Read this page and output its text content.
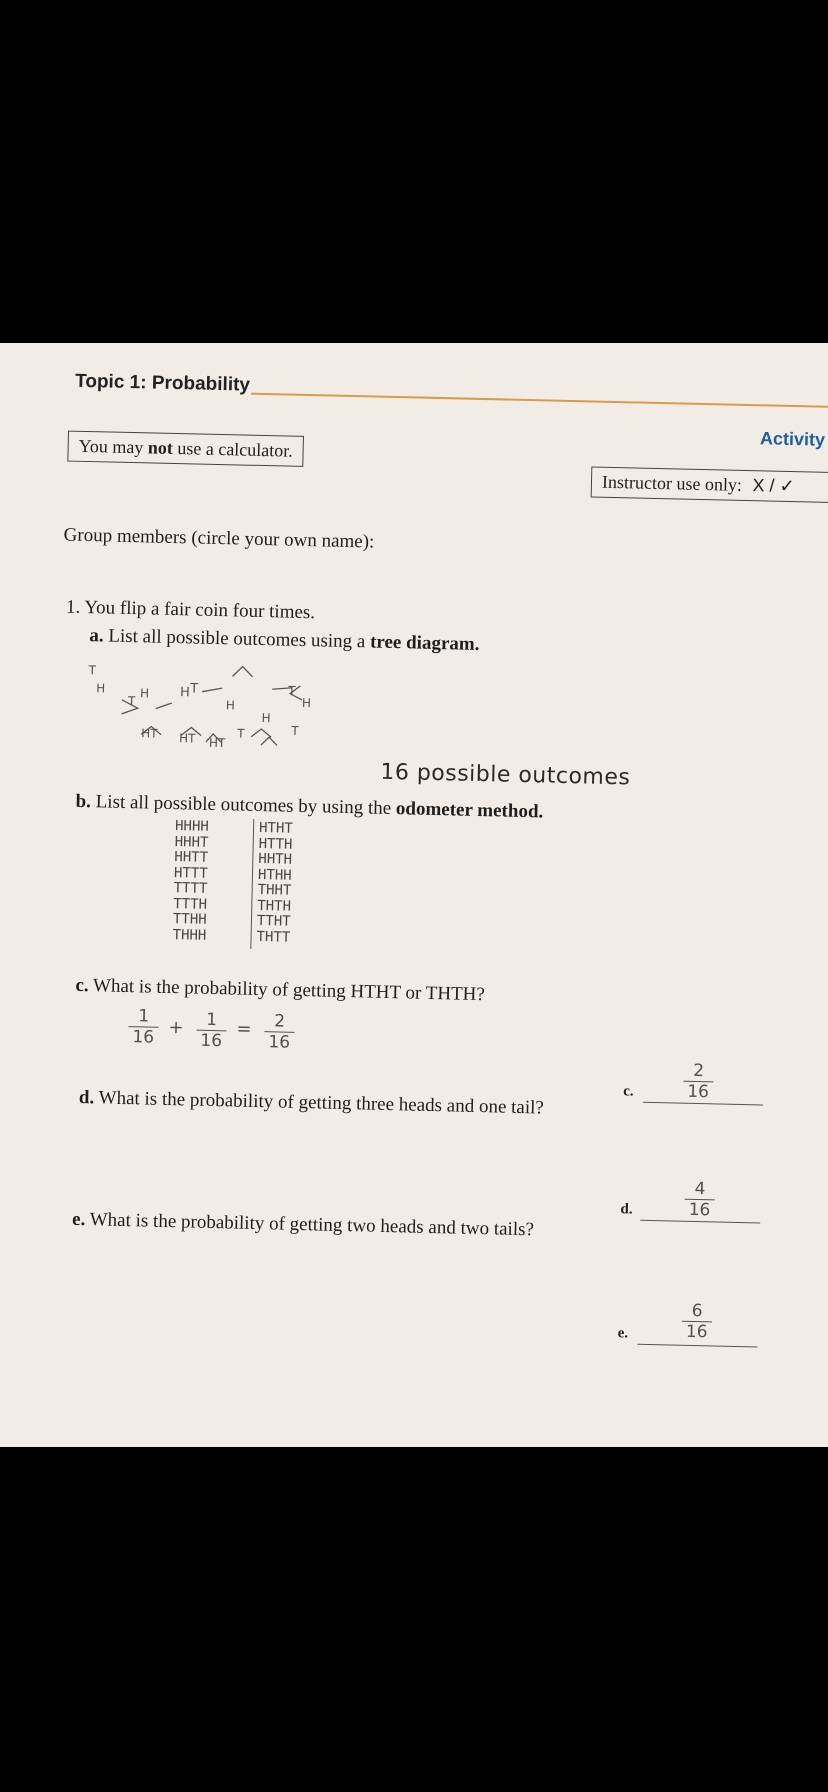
Topic 1: Probability
Activity
You may not use a calculator.
Instructor use only: X / ✓
Group members (circle your own name):
1. You flip a fair coin four times.
a. List all possible outcomes using a tree diagram.
T
H	H H T
H
T
H
H
T
HT HT HT
T
T
16 possible outcomes
b. List all possible outcomes by using the odometer method.
HHHH
HHHT
HHTT
HTTT
TTTT
TTTH
TTHH
THHH
HTHT
HTTH
HHTH
HTHH
THHT
THTH
TTHT
THTT
c. What is the probability of getting HTHT or THTH?
$\frac{1}{16} + \frac{1}{16} = \frac{2}{16}$
d. What is the probability of getting three heads and one tail?
e. What is the probability of getting two heads and two tails?
c.	$\frac{2}{16}$
d.	$\frac{4}{16}$
e.	$\frac{6}{16}$
